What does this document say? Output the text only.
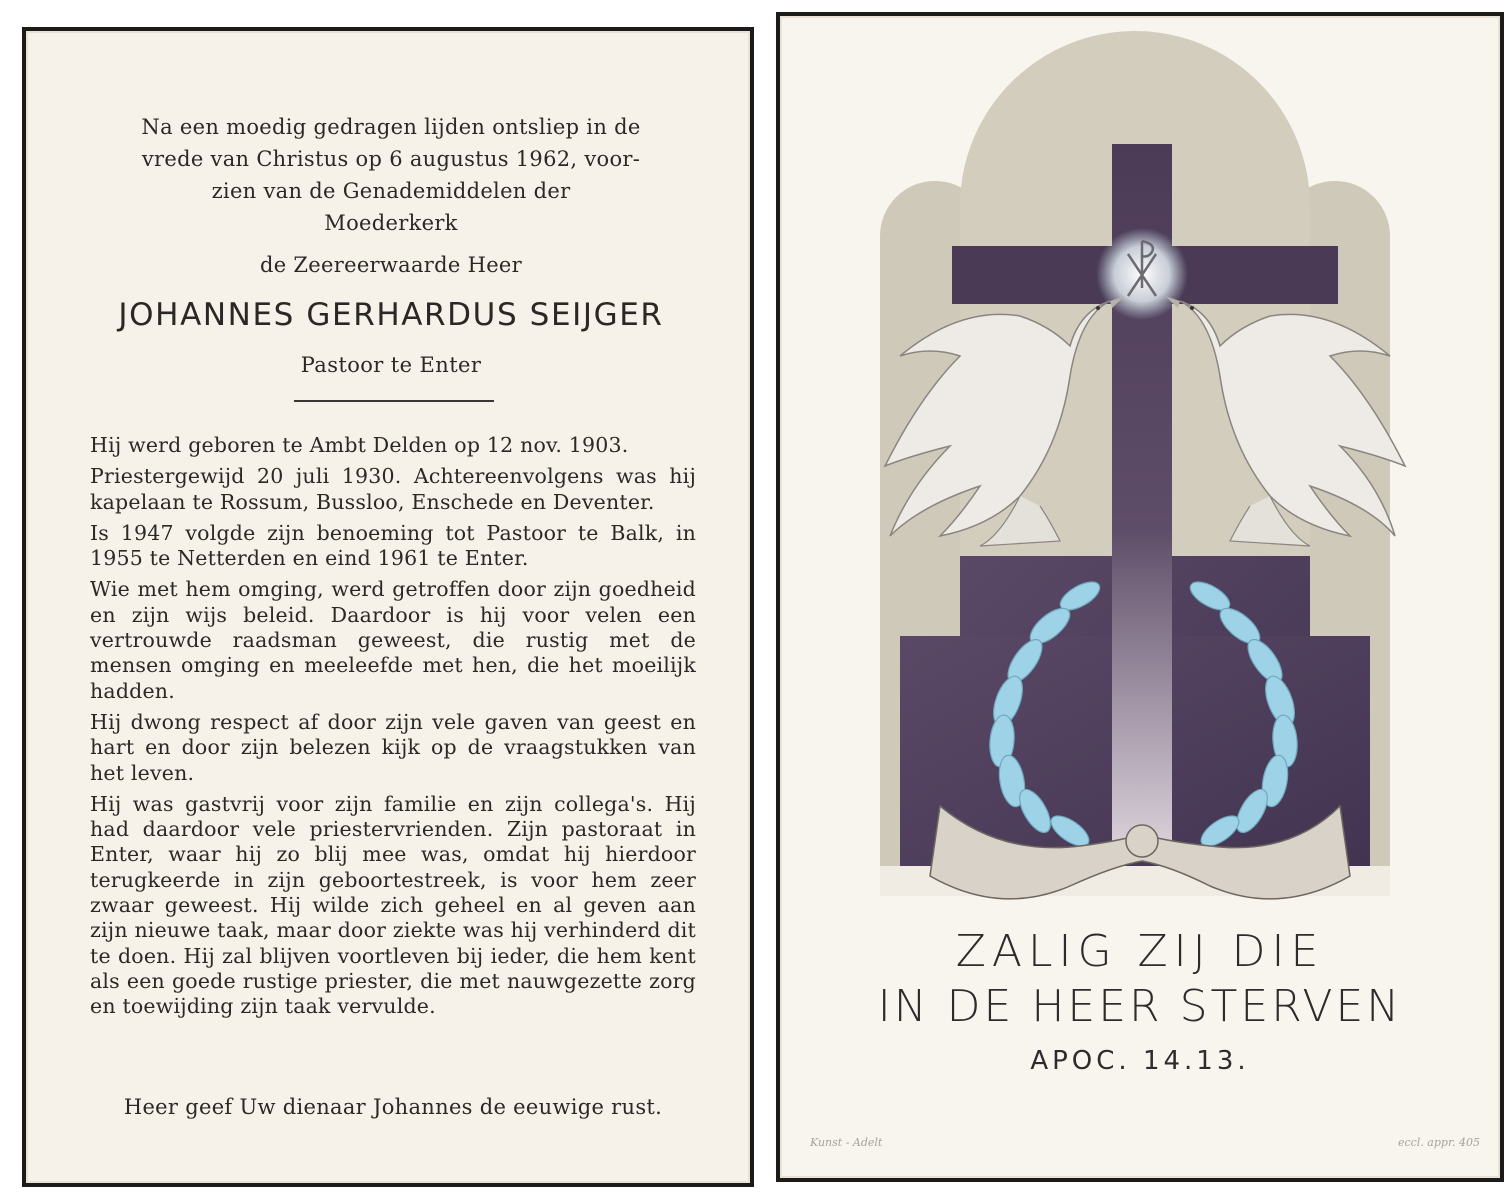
Na een moedig gedragen lijden ontsliep in de
vrede van Christus op 6 augustus 1962, voor-
zien van de Genademiddelen der
Moederkerk
de Zeereerwaarde Heer
JOHANNES GERHARDUS SEIJGER
Pastoor te Enter

Hij werd geboren te Ambt Delden op 12 nov. 1903.

Priestergewijd 20 juli 1930. Achtereenvolgens was hij kapelaan te Rossum, Bussloo, Enschede en Deventer.

Is 1947 volgde zijn benoeming tot Pastoor te Balk, in 1955 te Netterden en eind 1961 te Enter.

Wie met hem omging, werd getroffen door zijn goedheid en zijn wijs beleid. Daardoor is hij voor velen een vertrouwde raadsman geweest, die rustig met de mensen omging en meeleefde met hen, die het moeilijk hadden.

Hij dwong respect af door zijn vele gaven van geest en hart en door zijn belezen kijk op de vraagstukken van het leven.

Hij was gastvrij voor zijn familie en zijn collega's. Hij had daardoor vele priestervrienden. Zijn pastoraat in Enter, waar hij zo blij mee was, omdat hij hierdoor terugkeerde in zijn geboortestreek, is voor hem zeer zwaar geweest. Hij wilde zich geheel en al geven aan zijn nieuwe taak, maar door ziekte was hij verhinderd dit te doen. Hij zal blijven voortleven bij ieder, die hem kent als een goede rustige priester, die met nauwgezette zorg en toewijding zijn taak vervulde.

Heer geef Uw dienaar Johannes de eeuwige rust.
ZALIG ZIJ DIE
IN DE HEER STERVEN
APOC. 14.13.
Kunst - Adelt	eccl. appr. 405
